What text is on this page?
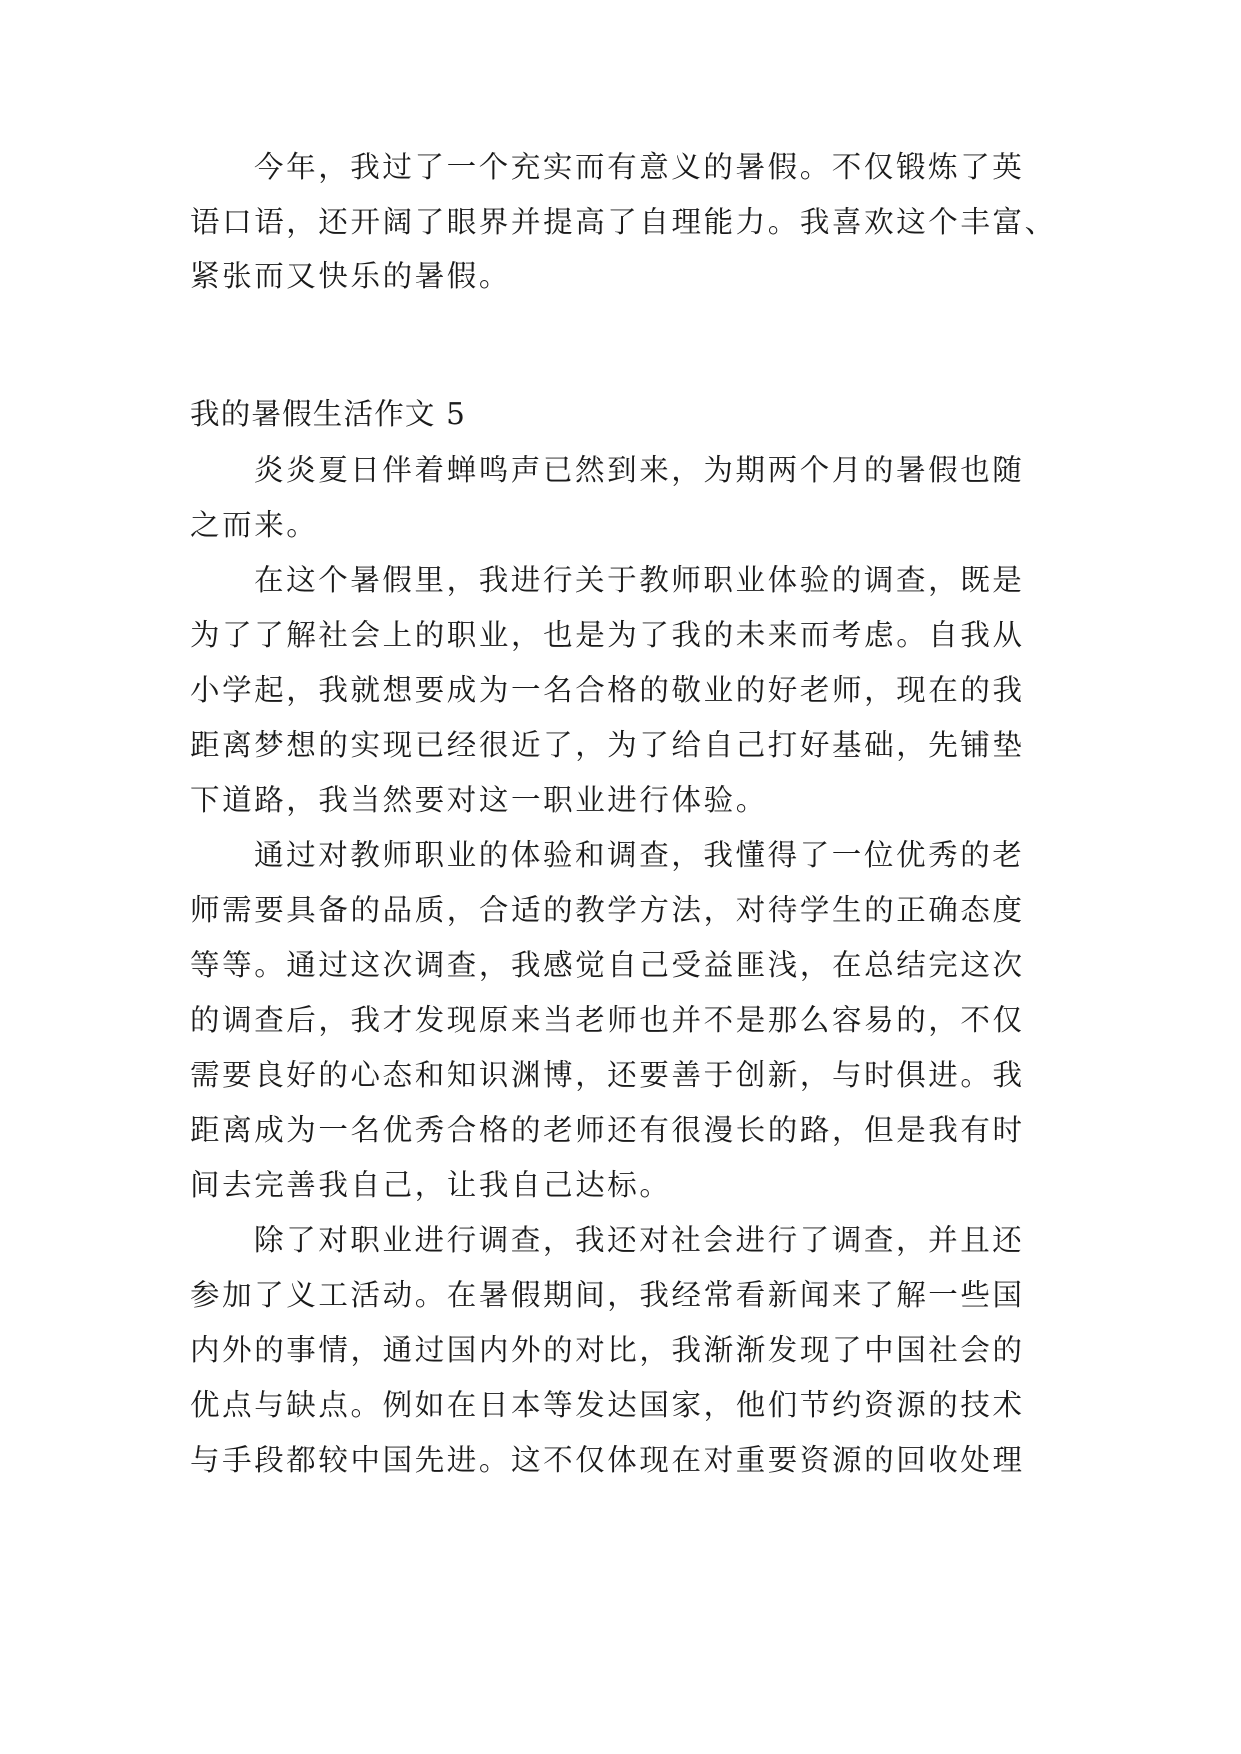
今年，我过了一个充实而有意义的暑假。不仅锻炼了英
语口语，还开阔了眼界并提高了自理能力。我喜欢这个丰富、
紧张而又快乐的暑假。
我的暑假生活作文 5
炎炎夏日伴着蝉鸣声已然到来，为期两个月的暑假也随
之而来。
在这个暑假里，我进行关于教师职业体验的调查，既是
为了了解社会上的职业，也是为了我的未来而考虑。自我从
小学起，我就想要成为一名合格的敬业的好老师，现在的我
距离梦想的实现已经很近了，为了给自己打好基础，先铺垫
下道路，我当然要对这一职业进行体验。
通过对教师职业的体验和调查，我懂得了一位优秀的老
师需要具备的品质，合适的教学方法，对待学生的正确态度
等等。通过这次调查，我感觉自己受益匪浅，在总结完这次
的调查后，我才发现原来当老师也并不是那么容易的，不仅
需要良好的心态和知识渊博，还要善于创新，与时俱进。我
距离成为一名优秀合格的老师还有很漫长的路，但是我有时
间去完善我自己，让我自己达标。
除了对职业进行调查，我还对社会进行了调查，并且还
参加了义工活动。在暑假期间，我经常看新闻来了解一些国
内外的事情，通过国内外的对比，我渐渐发现了中国社会的
优点与缺点。例如在日本等发达国家，他们节约资源的技术
与手段都较中国先进。这不仅体现在对重要资源的回收处理
